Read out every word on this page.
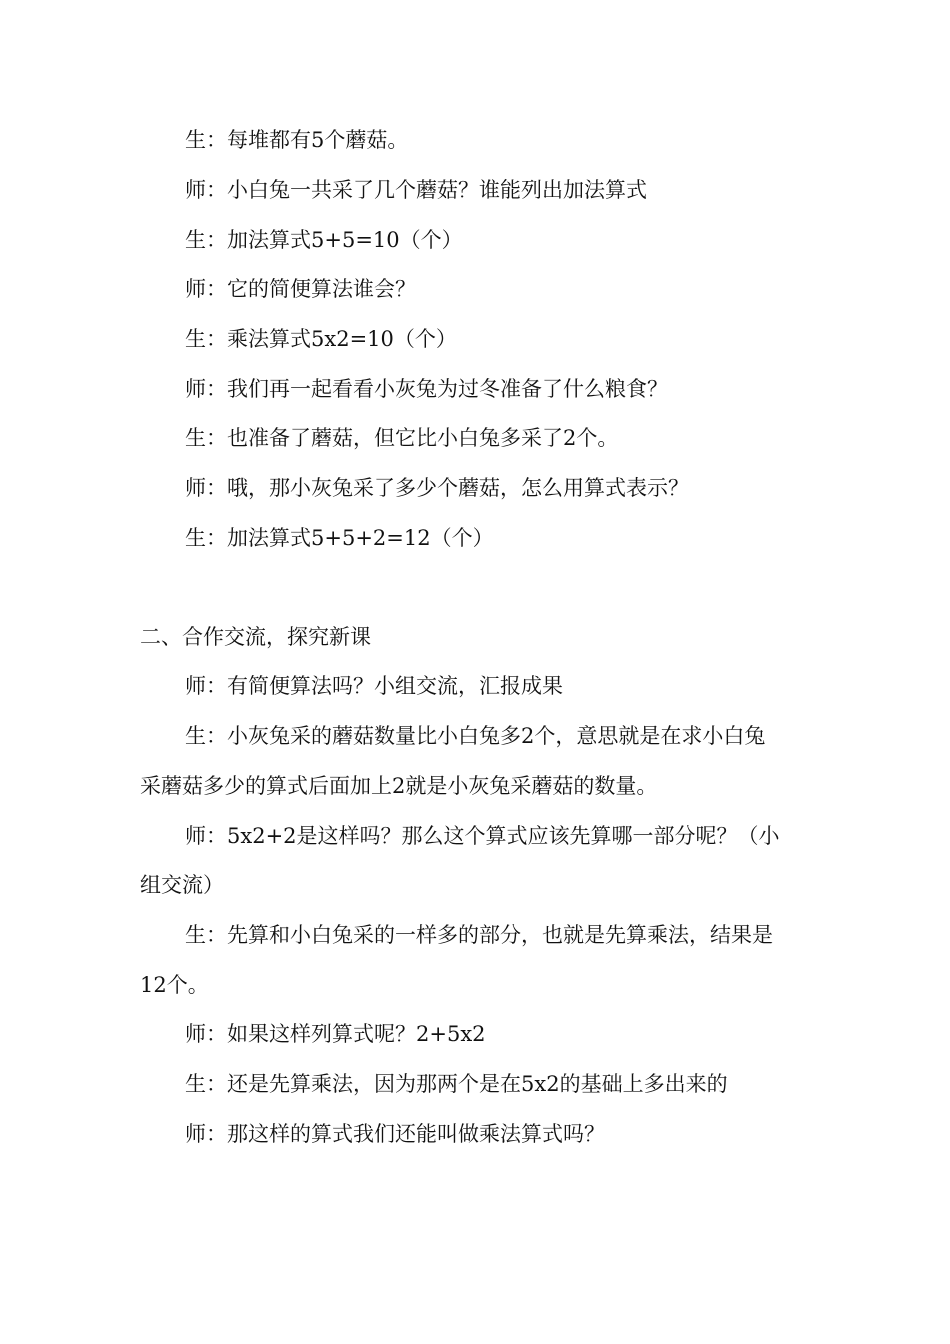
生：每堆都有5个蘑菇。
师：小白兔一共采了几个蘑菇？谁能列出加法算式
生：加法算式5+5=10（个）
师：它的简便算法谁会？
生：乘法算式5x2=10（个）
师：我们再一起看看小灰兔为过冬准备了什么粮食？
生：也准备了蘑菇，但它比小白兔多采了2个。
师：哦，那小灰兔采了多少个蘑菇，怎么用算式表示？
生：加法算式5+5+2=12（个）
二、合作交流，探究新课
师：有简便算法吗？小组交流，汇报成果
生：小灰兔采的蘑菇数量比小白兔多2个，意思就是在求小白兔
采蘑菇多少的算式后面加上2就是小灰兔采蘑菇的数量。
师：5x2+2是这样吗？那么这个算式应该先算哪一部分呢？（小
组交流）
生：先算和小白兔采的一样多的部分，也就是先算乘法，结果是
12个。
师：如果这样列算式呢？2+5x2
生：还是先算乘法，因为那两个是在5x2的基础上多出来的
师：那这样的算式我们还能叫做乘法算式吗？
